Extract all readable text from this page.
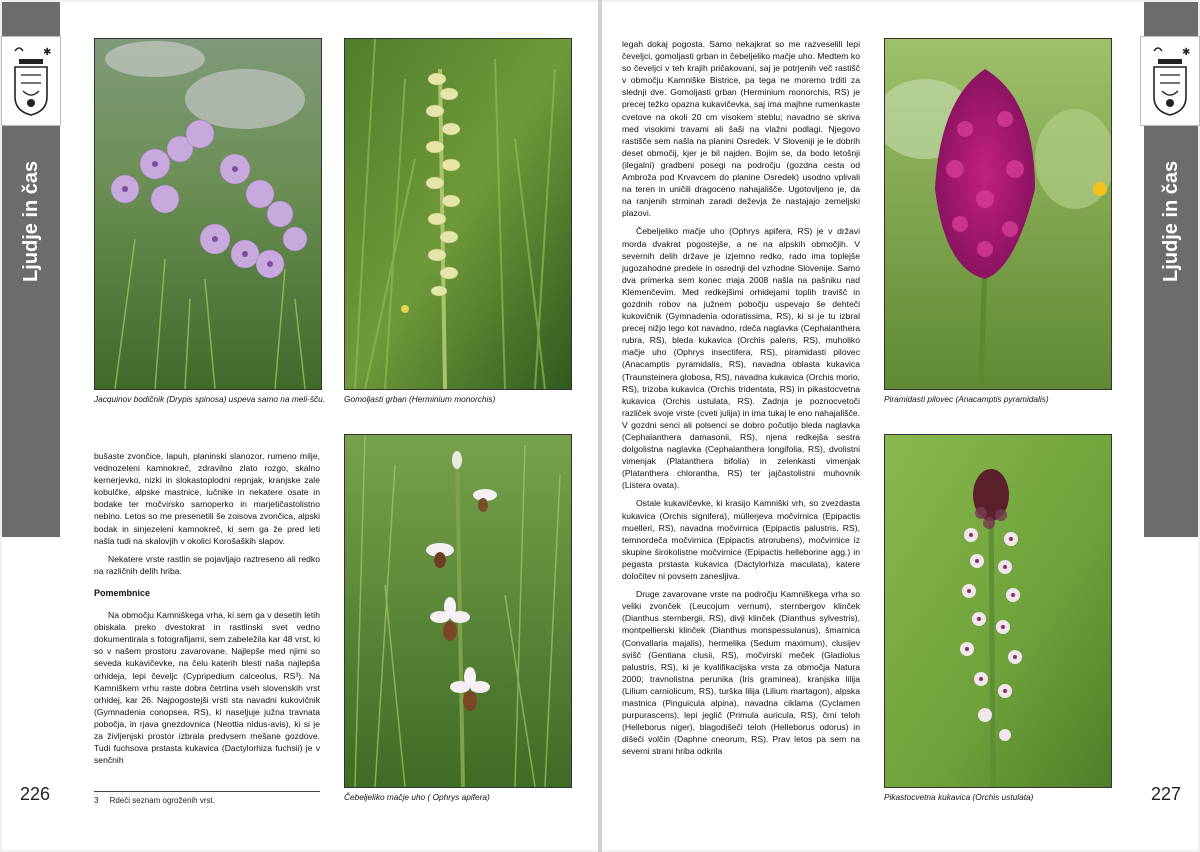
✱
Ljudje in čas
226
Jacquinov bodičnik (Drypis spinosa) uspeva samo na meli-šču. Gomoljasti grban (Herminium monorchis)
Čebeljeliko mačje uho ( Ophrys apifera)

bušaste zvončice, lapuh, planinski slanozor, rumeno milje, vednozeleni kamnokreč, zdravilno zlato rozgo, skalno kernerjevko, nizki in slokastoplodni repnjak, kranjske zale kobulčke, alpske mastnice, lučnike in nekatere osate in bodake ter močvirsko samoperko in marjetičastolistno nebino. Letos so me presenetili še zoisova zvončica, alpski bodak in sinjezeleni kamnokreč, ki sem ga že pred leti našla tudi na skalovjih v okolici Korošaških slapov.

Nekatere vrste rastlin se pojavljajo raztreseno ali redko na različnih delih hriba.

Pomembnice

Na območju Kamniškega vrha, ki sem ga v desetih letih obiskala preko dvestokrat in rastlinski svet vedno dokumentirala s fotografijami, sem zabeležila kar 48 vrst, ki so v našem prostoru zavarovane. Najlepše med njimi so seveda kukavičevke, na čelu katerih blesti naša najlepša orhideja, lepi čeveljc (Cypripedium calceolus, RS³). Na Kamniškem vrhu raste dobra četrtina vseh slovenskih vrst orhidej, kar 26. Najpogostejši vrsti sta navadni kukovičnik (Gymnadenia conopsea, RS), ki naseljuje južna travnata pobočja, in rjava gnezdovnica (Neottia nidus-avis), ki si je za življenjski prostor izbrala predvsem mešane gozdove. Tudi fuchsova prstasta kukavica (Dactylorhiza fuchsii) je v senčnih

3 Rdeči seznam ogroženih vrst.
✱
Ljudje in čas
227

legah dokaj pogosta. Samo nekajkrat so me razveselili lepi čeveljci, gomoljasti grban in čebeljeliko mačje uho. Medtem ko so čeveljci v teh krajih pričakovani, saj je potrjenih več rastišč v območju Kamniške Bistrice, pa tega ne moremo trditi za slednji dve. Gomoljasti grban (Herminium monorchis, RS) je precej težko opazna kukavičevka, saj ima majhne rumenkaste cvetove na okoli 20 cm visokem steblu; navadno se skriva med visokimi travami ali šaši na vlažni podlagi. Njegovo rastišče sem našla na planini Osredek. V Sloveniji je le dobrih deset območij, kjer je bil najden. Bojim se, da bodo letošnji (ilegalni) gradbeni posegi na področju (gozdna cesta od Ambroža pod Krvavcem do planine Osredek) usodno vplivali na teren in uničili dragoceno nahajališče. Ugotovljeno je, da na ranjenih strminah zaradi deževja že nastajajo zemeljski plazovi.

Čebeljeliko mačje uho (Ophrys apifera, RS) je v državi morda dvakrat pogostejše, a ne na alpskih območjih. V severnih delih države je izjemno redko, rado ima toplejše jugozahodne predele in osrednji del vzhodne Slovenije. Samo dva primerka sem konec maja 2008 našla na pašniku nad Klemenčevim. Med redkejšimi orhidejami toplih travišč in gozdnih robov na južnem pobočju uspevajo še dehteči kukovičnik (Gymnadenia odoratissima, RS), ki si je tu izbral precej nižjo lego kot navadno, rdeča naglavka (Cephalanthera rubra, RS), bleda kukavica (Orchis palens, RS), muholiko mačje uho (Ophrys insectifera, RS), piramidasti pilovec (Anacamptis pyramidalis, RS), navadna oblasta kukavica (Traunsteinera globosa, RS), navadna kukavica (Orchis morio, RS), trizoba kukavica (Orchis tridentata, RS) in pikastocvetna kukavica (Orchis ustulata, RS). Zadnja je poznocvetoči različek svoje vrste (cveti julija) in ima tukaj le eno nahajališče. V gozdni senci ali polsenci se dobro počutijo bleda naglavka (Cephalanthera damasonii, RS), njena redkejša sestra dolgolistna naglavka (Cephalanthera longifolia, RS), dvolistni vimenjak (Platanthera bifolia) in zelenkasti vimenjak (Platanthera chlorantha, RS) ter jajčastolistni muhovnik (Listera ovata).

Ostale kukavičevke, ki krasijo Kamniški vrh, so zvezdasta kukavica (Orchis signifera), müllerjeva močvirnica (Epipactis muelleri, RS), navadna močvirnica (Epipactis palustris, RS), temnordeča močvirnica (Epipactis atrorubens), močvirnice iz skupine širokolistne močvirnice (Epipactis helleborine agg.) in pegasta prstasta kukavica (Dactylorhiza maculata), katere določitev ni povsem zanesljiva.

Druge zavarovane vrste na področju Kamniškega vrha so veliki zvonček (Leucojum vernum), sternbergov klinček (Dianthus sternbergii, RS), divji klinček (Dianthus sylvestris), montpellierski klinček (Dianthus monspessulanus), šmarnica (Convallaria majalis), hermelika (Sedum maximum), clusijev svišč (Gentiana clusii, RS), močvirski meček (Gladiolus palustris, RS), ki je kvalifikacijska vrsta za območja Natura 2000; travnolistna perunika (Iris graminea), kranjska lilija (Lilium carniolicum, RS), turška lilija (Lilium martagon), alpska mastnica (Pinguicula alpina), navadna ciklama (Cyclamen purpurascens), lepi jeglič (Primula auricula, RS), črni teloh (Helleborus niger), blagodišeči teloh (Helleborus odorus) in dišeči volčin (Daphne cneorum, RS). Prav letos pa sem na severni strani hriba odkrila

Piramidasti pilovec (Anacamptis pyramidalis)
Pikastocvetna kukavica (Orchis ustulata)
